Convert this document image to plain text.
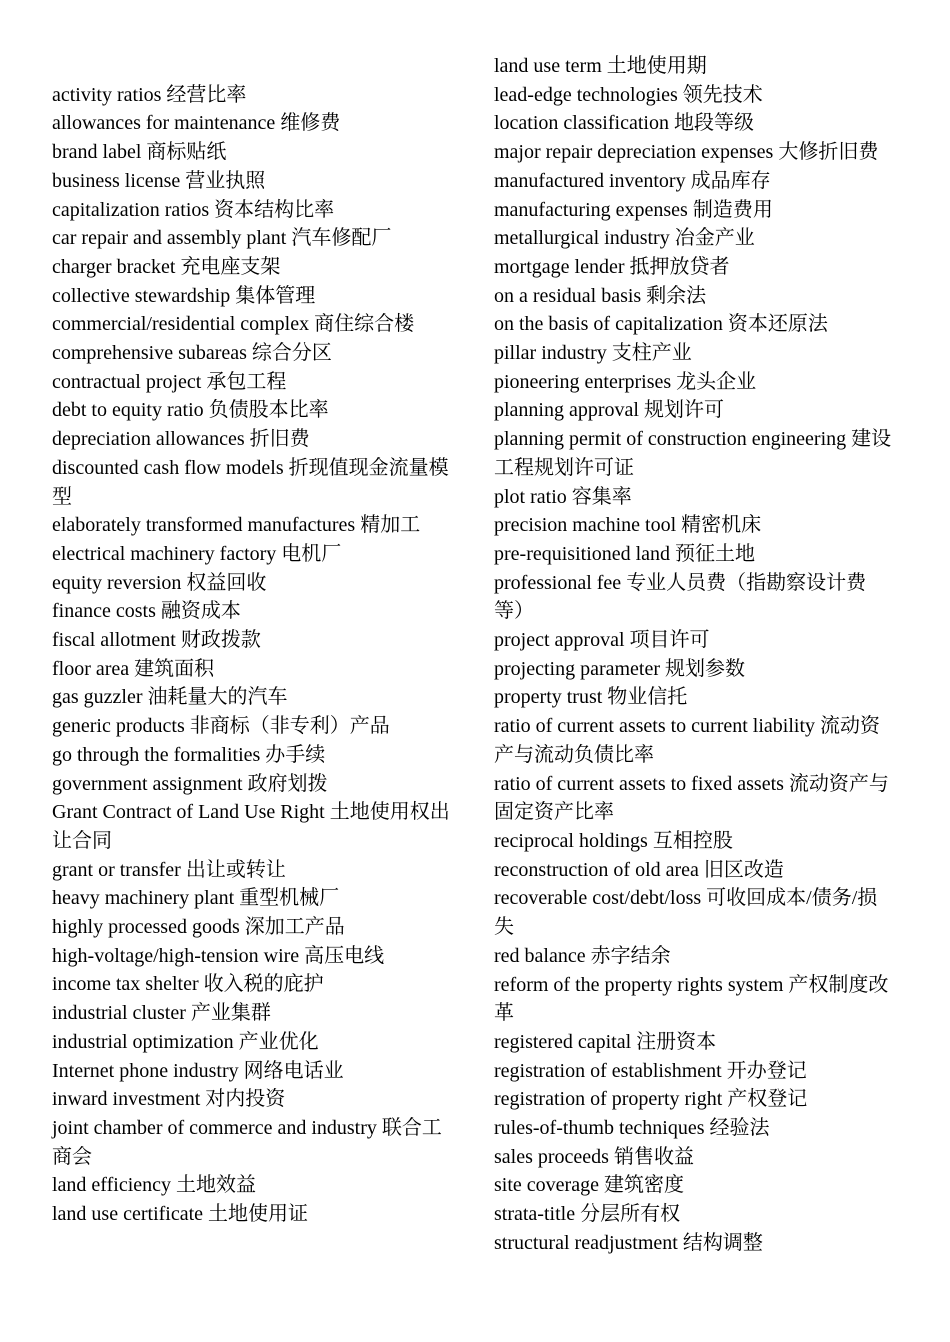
activity ratios 经营比率

allowances for maintenance 维修费

brand label 商标贴纸

business license 营业执照

capitalization ratios 资本结构比率

car repair and assembly plant 汽车修配厂

charger bracket 充电座支架

collective stewardship 集体管理

commercial/residential complex 商住综合楼

comprehensive subareas 综合分区

contractual project 承包工程

debt to equity ratio 负债股本比率

depreciation allowances 折旧费

discounted cash flow models 折现值现金流量模型

elaborately transformed manufactures 精加工

electrical machinery factory 电机厂

equity reversion 权益回收

finance costs 融资成本

fiscal allotment 财政拨款

floor area 建筑面积

gas guzzler 油耗量大的汽车

generic products 非商标（非专利）产品

go through the formalities 办手续

government assignment 政府划拨

Grant Contract of Land Use Right 土地使用权出让合同

grant or transfer 出让或转让

heavy machinery plant 重型机械厂

highly processed goods 深加工产品

high-voltage/high-tension wire 高压电线

income tax shelter 收入税的庇护

industrial cluster 产业集群

industrial optimization 产业优化

Internet phone industry 网络电话业

inward investment 对内投资

joint chamber of commerce and industry 联合工商会

land efficiency 土地效益

land use certificate 土地使用证

land use term 土地使用期

lead-edge technologies 领先技术

location classification 地段等级

major repair depreciation expenses 大修折旧费

manufactured inventory 成品库存

manufacturing expenses 制造费用

metallurgical industry 冶金产业

mortgage lender 抵押放贷者

on a residual basis 剩余法

on the basis of capitalization 资本还原法

pillar industry 支柱产业

pioneering enterprises 龙头企业

planning approval 规划许可

planning permit of construction engineering 建设工程规划许可证

plot ratio 容集率

precision machine tool 精密机床

pre-requisitioned land 预征土地

professional fee 专业人员费（指勘察设计费等）

project approval 项目许可

projecting parameter 规划参数

property trust 物业信托

ratio of current assets to current liability 流动资产与流动负债比率

ratio of current assets to fixed assets 流动资产与固定资产比率

reciprocal holdings 互相控股

reconstruction of old area 旧区改造

recoverable cost/debt/loss 可收回成本/债务/损失

red balance 赤字结余

reform of the property rights system 产权制度改革

registered capital 注册资本

registration of establishment 开办登记

registration of property right 产权登记

rules-of-thumb techniques 经验法

sales proceeds 销售收益

site coverage 建筑密度

strata-title 分层所有权

structural readjustment 结构调整
